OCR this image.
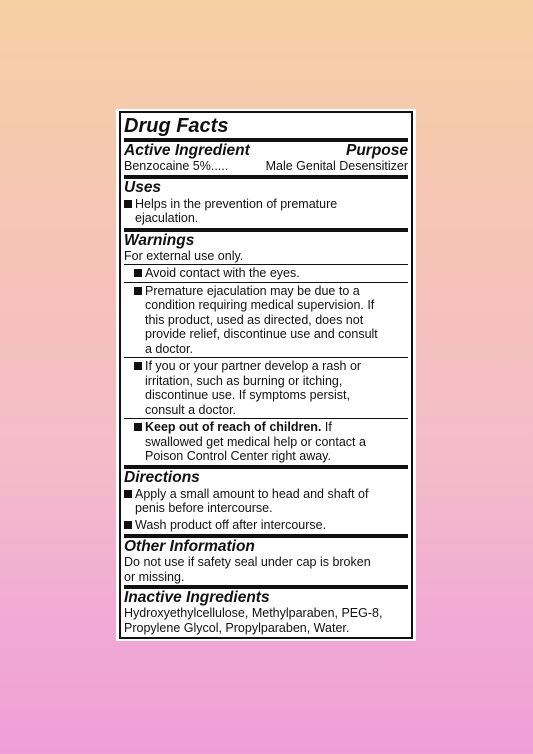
Drug Facts
Active Ingredient	Purpose
Benzocaine 5%.....	Male Genital Desensitizer
Uses
Helps in the prevention of premature
ejaculation.
Warnings
For external use only.
Avoid contact with the eyes.
Premature ejaculation may be due to a
condition requiring medical supervision. If
this product, used as directed, does not
provide relief, discontinue use and consult
a doctor.
If you or your partner develop a rash or
irritation, such as burning or itching,
discontinue use. If symptoms persist,
consult a doctor.
Keep out of reach of children. If
swallowed get medical help or contact a
Poison Control Center right away.
Directions
Apply a small amount to head and shaft of
penis before intercourse.
Wash product off after intercourse.
Other Information
Do not use if safety seal under cap is broken
or missing.
Inactive Ingredients
Hydroxyethylcellulose, Methylparaben, PEG-8,
Propylene Glycol, Propylparaben, Water.
